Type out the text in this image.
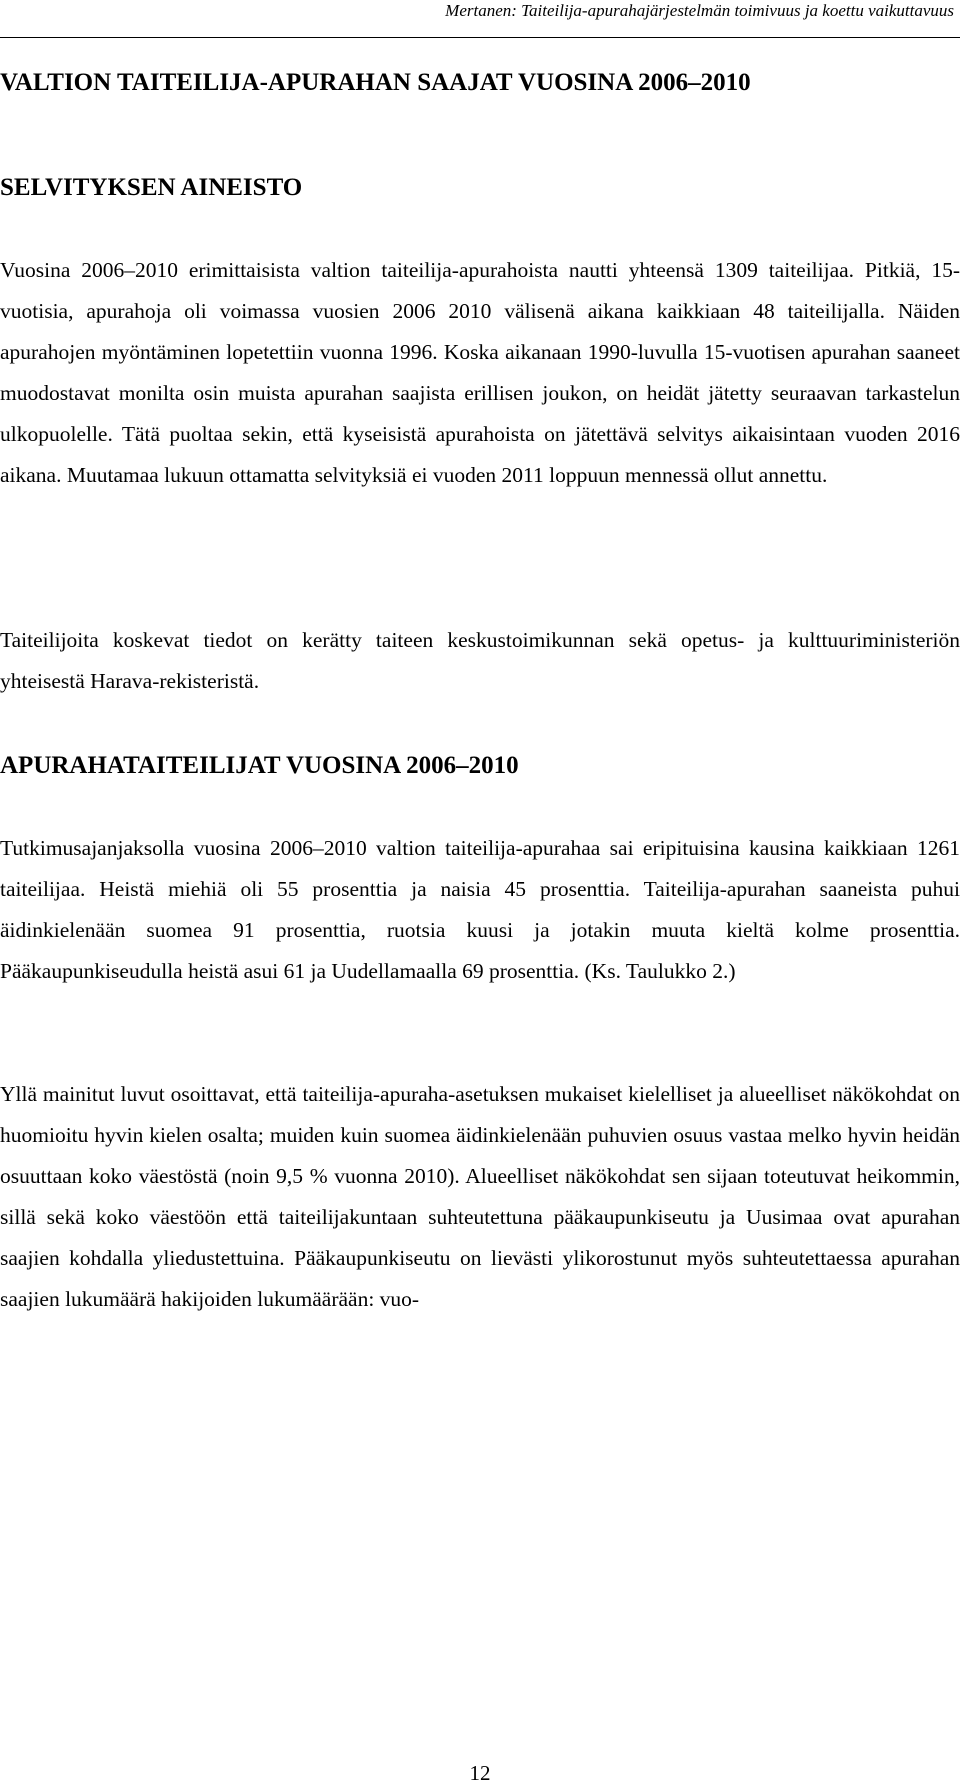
Mertanen: Taiteilija-apurahajärjestelmän toimivuus ja koettu vaikuttavuus
VALTION TAITEILIJA-APURAHAN SAAJAT VUOSINA 2006–2010
SELVITYKSEN AINEISTO

Vuosina 2006–2010 erimittaisista valtion taiteilija-apurahoista nautti yhteensä 1309 taiteilijaa. Pitkiä, 15-vuotisia, apurahoja oli voimassa vuosien 2006 2010 välisenä aikana kaikkiaan 48 taiteilijalla. Näiden apurahojen myöntäminen lopetettiin vuonna 1996. Koska aikanaan 1990-luvulla 15-vuotisen apurahan saaneet muodostavat monilta osin muista apurahan saajista erillisen joukon, on heidät jätetty seuraavan tarkastelun ulkopuolelle. Tätä puoltaa sekin, että kyseisistä apurahoista on jätettävä selvitys aikaisintaan vuoden 2016 aikana. Muutamaa lukuun ottamatta selvityksiä ei vuoden 2011 loppuun mennessä ollut annettu.

Taiteilijoita koskevat tiedot on kerätty taiteen keskustoimikunnan sekä opetus- ja kulttuuriministeriön yhteisestä Harava-rekisteristä.

APURAHATAITEILIJAT VUOSINA 2006–2010

Tutkimusajanjaksolla vuosina 2006–2010 valtion taiteilija-apurahaa sai eripituisina kausina kaikkiaan 1261 taiteilijaa. Heistä miehiä oli 55 prosenttia ja naisia 45 prosenttia. Taiteilija-apurahan saaneista puhui äidinkielenään suomea 91 prosenttia, ruotsia kuusi ja jotakin muuta kieltä kolme prosenttia. Pääkaupunkiseudulla heistä asui 61 ja Uudellamaalla 69 prosenttia. (Ks. Taulukko 2.)

Yllä mainitut luvut osoittavat, että taiteilija-apuraha-asetuksen mukaiset kielelliset ja alueelliset näkökohdat on huomioitu hyvin kielen osalta; muiden kuin suomea äidinkielenään puhuvien osuus vastaa melko hyvin heidän osuuttaan koko väestöstä (noin 9,5 % vuonna 2010). Alueelliset näkökohdat sen sijaan toteutuvat heikommin, sillä sekä koko väestöön että taiteilijakuntaan suhteutettuna pääkaupunkiseutu ja Uusimaa ovat apurahan saajien kohdalla yliedustettuina. Pääkaupunkiseutu on lievästi ylikorostunut myös suhteutettaessa apurahan saajien lukumäärä hakijoiden lukumäärään: vuo-

12
